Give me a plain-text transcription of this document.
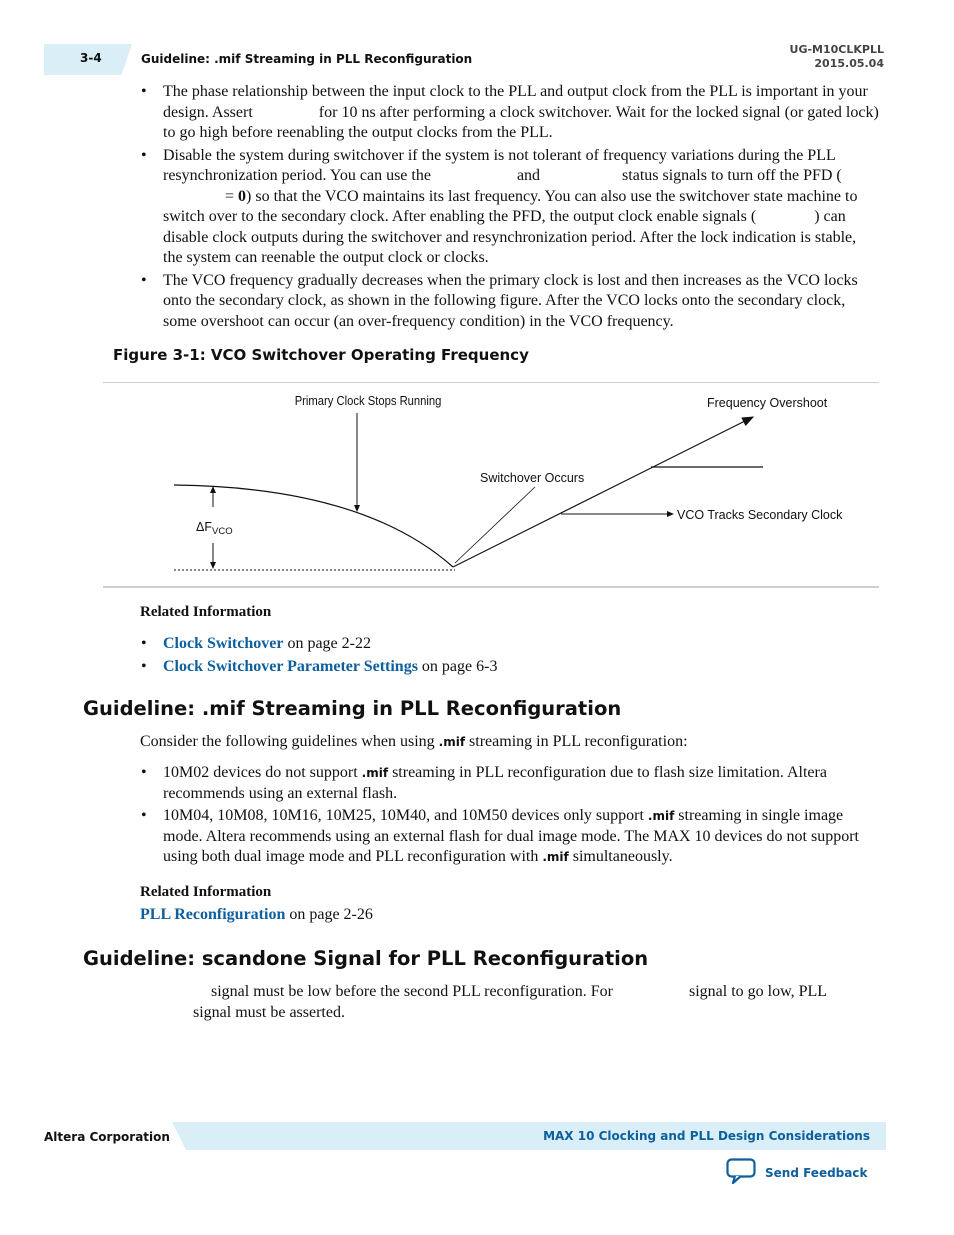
3-4	Guideline: .mif Streaming in PLL Reconfiguration
UG-M10CLKPLL
2015.05.04
• The phase relationship between the input clock to the PLL and output clock from the PLL is important in your design. Assert	for 10 ns after performing a clock switchover. Wait for the locked signal (or gated lock) to go high before reenabling the output clocks from the PLL.
• Disable the system during switchover if the system is not tolerant of frequency variations during the PLL resynchronization period. You can use the	and	status signals to turn off the PFD ( = 0) so that the VCO maintains its last frequency. You can also use the switchover state machine to switch over to the secondary clock. After enabling the PFD, the output clock enable signals (	) can disable clock outputs during the switchover and resynchronization period. After the lock indication is stable, the system can reenable the output clock or clocks.
• The VCO frequency gradually decreases when the primary clock is lost and then increases as the VCO locks onto the secondary clock, as shown in the following figure. After the VCO locks onto the secondary clock, some overshoot can occur (an over-frequency condition) in the VCO frequency.
Figure 3-1: VCO Switchover Operating Frequency
Primary Clock Stops Running
Switchover Occurs
Frequency Overshoot
VCO Tracks Secondary Clock
$\Delta F_{VCO}$
Related Information
• Clock Switchover on page 2-22
• Clock Switchover Parameter Settings on page 6-3
Guideline: .mif Streaming in PLL Reconfiguration
Consider the following guidelines when using .mif streaming in PLL reconfiguration:
• 10M02 devices do not support .mif streaming in PLL reconfiguration due to flash size limitation. Altera recommends using an external flash.
• 10M04, 10M08, 10M16, 10M25, 10M40, and 10M50 devices only support .mif streaming in single image mode. Altera recommends using an external flash for dual image mode. The MAX 10 devices do not support using both dual image mode and PLL reconfiguration with .mif simultaneously.
Related Information
PLL Reconfiguration on page 2-26
Guideline: scandone Signal for PLL Reconfiguration
signal must be low before the second PLL reconfiguration. For	signal to go low, PLL
signal must be asserted.
Altera Corporation	MAX 10 Clocking and PLL Design Considerations
Send Feedback
